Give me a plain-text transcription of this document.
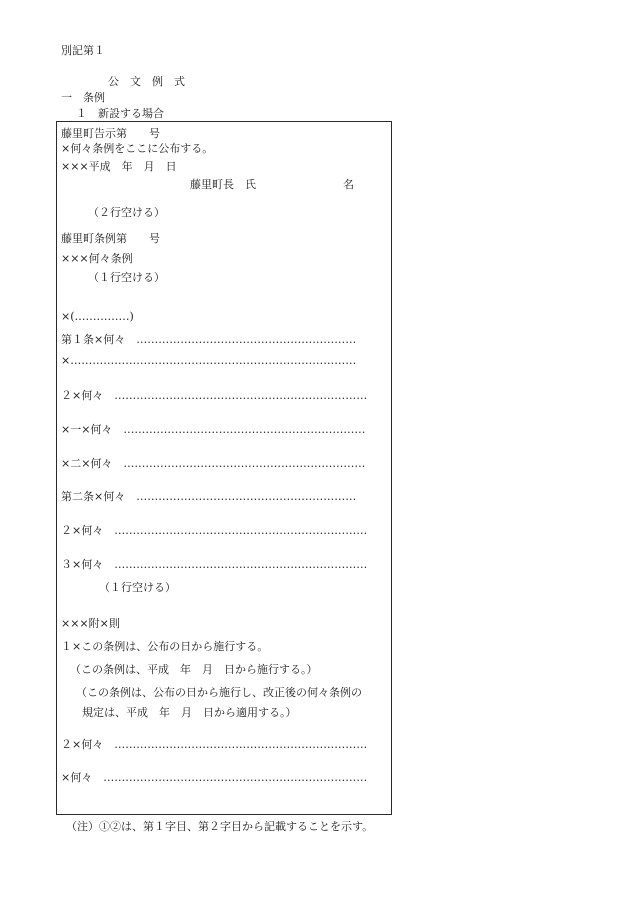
別記第１
公　文　例　式
一　条例
１　新設する場合
藤里町告示第　　号
×何々条例をここに公布する。
×××平成　年　月　日
藤里町長　氏	名
（２行空ける）
藤里町条例第　　号
×××何々条例
（１行空ける）
×(……………)
第１条×何々　……………………………………………………
×……………………………………………………………………
２×何々　……………………………………………………………
×一×何々　…………………………………………………………
×二×何々　…………………………………………………………
第二条×何々　……………………………………………………
２×何々　……………………………………………………………
３×何々　……………………………………………………………
（１行空ける）
×××附×則
１×この条例は、公布の日から施行する。
（この条例は、平成　年　月　日から施行する。）
（この条例は、公布の日から施行し、改正後の何々条例の
規定は、平成　年　月　日から適用する。）
２×何々　……………………………………………………………
×何々　………………………………………………………………
（注）①②は、第１字目、第２字目から記載することを示す。
